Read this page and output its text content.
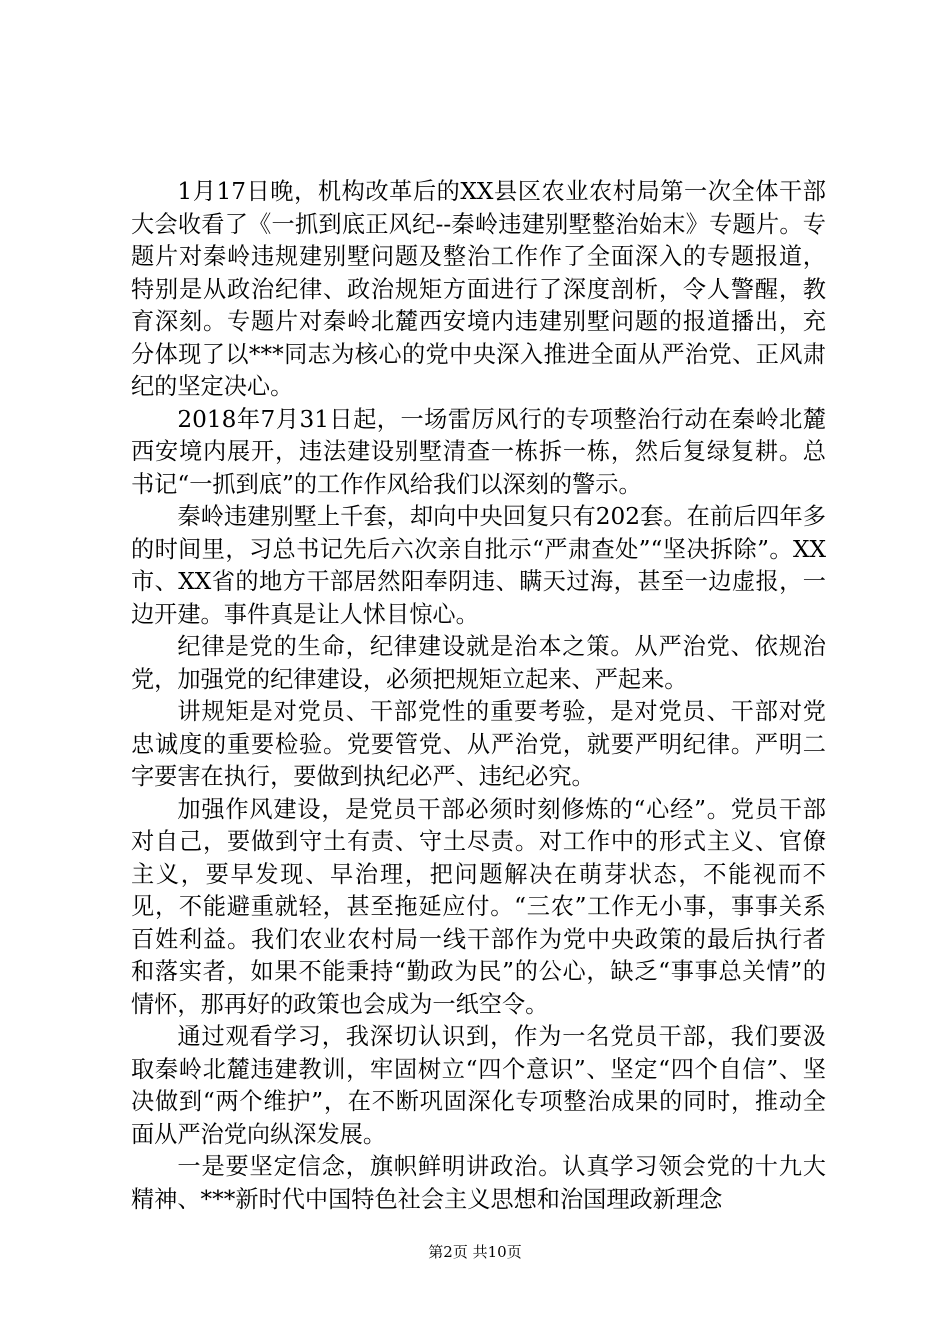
1月17日晚，机构改革后的XX县区农业农村局第一次全体干部大会收看了《一抓到底正风纪--秦岭违建别墅整治始末》专题片。专题片对秦岭违规建别墅问题及整治工作作了全面深入的专题报道，特别是从政治纪律、政治规矩方面进行了深度剖析，令人警醒，教育深刻。专题片对秦岭北麓西安境内违建别墅问题的报道播出，充分体现了以***同志为核心的党中央深入推进全面从严治党、正风肃纪的坚定决心。

2018年7月31日起，一场雷厉风行的专项整治行动在秦岭北麓西安境内展开，违法建设别墅清查一栋拆一栋，然后复绿复耕。总书记“一抓到底”的工作作风给我们以深刻的警示。

秦岭违建别墅上千套，却向中央回复只有202套。在前后四年多的时间里，习总书记先后六次亲自批示“严肃查处”“坚决拆除”。XX市、XX省的地方干部居然阳奉阴违、瞒天过海，甚至一边虚报，一边开建。事件真是让人怵目惊心。

纪律是党的生命，纪律建设就是治本之策。从严治党、依规治党，加强党的纪律建设，必须把规矩立起来、严起来。

讲规矩是对党员、干部党性的重要考验，是对党员、干部对党忠诚度的重要检验。党要管党、从严治党，就要严明纪律。严明二字要害在执行，要做到执纪必严、违纪必究。

加强作风建设，是党员干部必须时刻修炼的“心经”。党员干部对自己，要做到守土有责、守土尽责。对工作中的形式主义、官僚主义，要早发现、早治理，把问题解决在萌芽状态，不能视而不见，不能避重就轻，甚至拖延应付。“三农”工作无小事，事事关系百姓利益。我们农业农村局一线干部作为党中央政策的最后执行者和落实者，如果不能秉持“勤政为民”的公心，缺乏“事事总关情”的情怀，那再好的政策也会成为一纸空令。

通过观看学习，我深切认识到，作为一名党员干部，我们要汲取秦岭北麓违建教训，牢固树立“四个意识”、坚定“四个自信”、坚决做到“两个维护”，在不断巩固深化专项整治成果的同时，推动全面从严治党向纵深发展。

一是要坚定信念，旗帜鲜明讲政治。认真学习领会党的十九大精神、***新时代中国特色社会主义思想和治国理政新理念

第2页 共10页
